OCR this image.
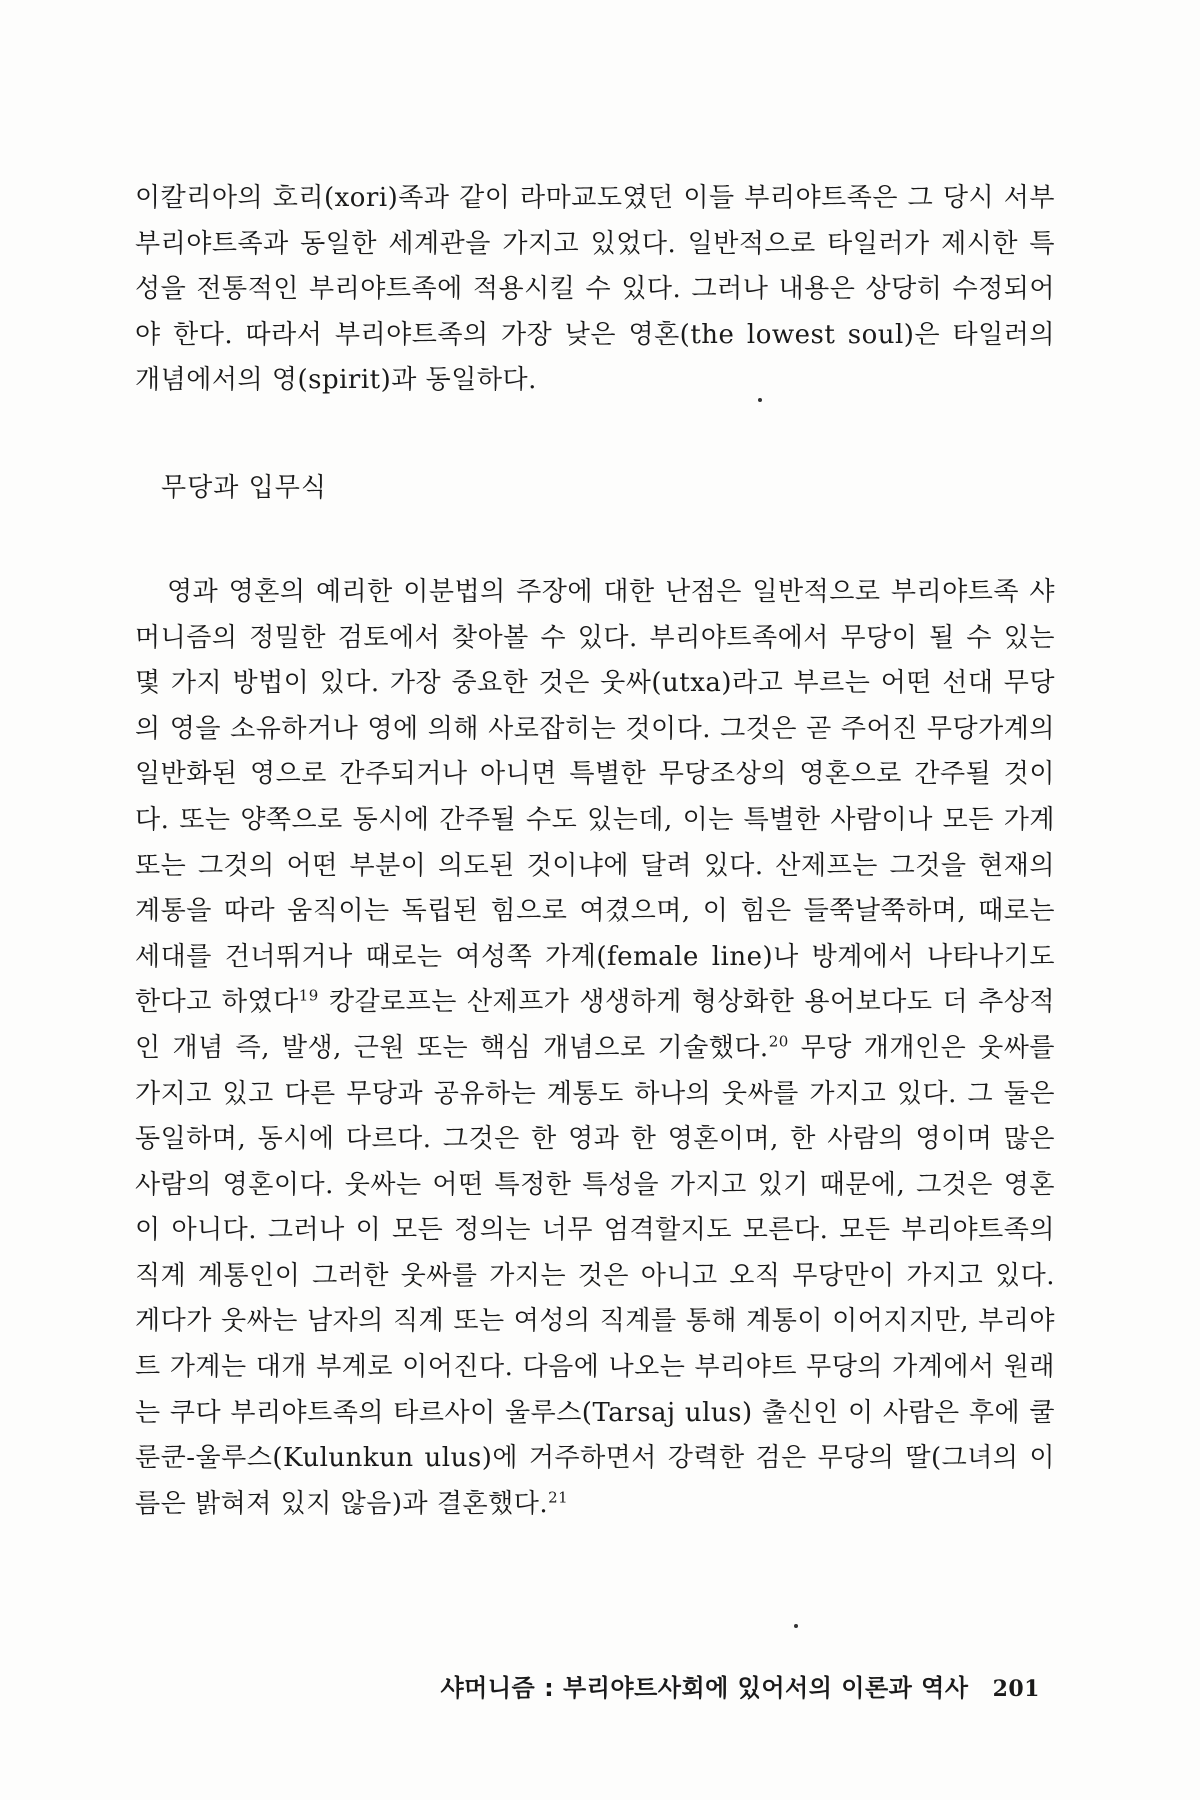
이칼리아의 호리(xori)족과 같이 라마교도였던 이들 부리야트족은 그 당시 서부 부리야트족과 동일한 세계관을 가지고 있었다. 일반적으로 타일러가 제시한 특성을 전통적인 부리야트족에 적용시킬 수 있다. 그러나 내용은 상당히 수정되어야 한다. 따라서 부리야트족의 가장 낮은 영혼(the lowest soul)은 타일러의 개념에서의 영(spirit)과 동일하다.

무당과 입무식

영과 영혼의 예리한 이분법의 주장에 대한 난점은 일반적으로 부리야트족 샤머니즘의 정밀한 검토에서 찾아볼 수 있다. 부리야트족에서 무당이 될 수 있는 몇 가지 방법이 있다. 가장 중요한 것은 웃싸(utxa)라고 부르는 어떤 선대 무당의 영을 소유하거나 영에 의해 사로잡히는 것이다. 그것은 곧 주어진 무당가계의 일반화된 영으로 간주되거나 아니면 특별한 무당조상의 영혼으로 간주될 것이다. 또는 양쪽으로 동시에 간주될 수도 있는데, 이는 특별한 사람이나 모든 가계 또는 그것의 어떤 부분이 의도된 것이냐에 달려 있다. 산제프는 그것을 현재의 계통을 따라 움직이는 독립된 힘으로 여겼으며, 이 힘은 들쭉날쭉하며, 때로는 세대를 건너뛰거나 때로는 여성쪽 가계(female line)나 방계에서 나타나기도 한다고 하였다$^{19}$ 캉갈로프는 산제프가 생생하게 형상화한 용어보다도 더 추상적인 개념 즉, 발생, 근원 또는 핵심 개념으로 기술했다.$^{20}$ 무당 개개인은 웃싸를 가지고 있고 다른 무당과 공유하는 계통도 하나의 웃싸를 가지고 있다. 그 둘은 동일하며, 동시에 다르다. 그것은 한 영과 한 영혼이며, 한 사람의 영이며 많은 사람의 영혼이다. 웃싸는 어떤 특정한 특성을 가지고 있기 때문에, 그것은 영혼이 아니다. 그러나 이 모든 정의는 너무 엄격할지도 모른다. 모든 부리야트족의 직계 계통인이 그러한 웃싸를 가지는 것은 아니고 오직 무당만이 가지고 있다. 게다가 웃싸는 남자의 직계 또는 여성의 직계를 통해 계통이 이어지지만, 부리야트 가계는 대개 부계로 이어진다. 다음에 나오는 부리야트 무당의 가계에서 원래는 쿠다 부리야트족의 타르사이 울루스(Tarsaj ulus) 출신인 이 사람은 후에 쿨룬쿤-울루스(Kulunkun ulus)에 거주하면서 강력한 검은 무당의 딸(그녀의 이름은 밝혀져 있지 않음)과 결혼했다.$^{21}$

샤머니즘 : 부리야트사회에 있어서의 이론과 역사 201
